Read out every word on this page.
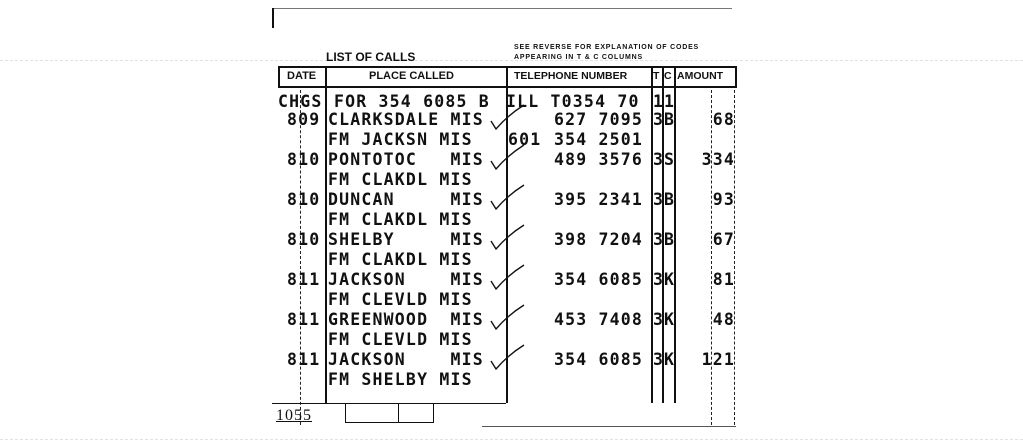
LIST OF CALLS
SEE REVERSE FOR EXPLANATION OF CODES
APPEARING IN T & C COLUMNS
DATE	PLACE CALLED	TELEPHONE NUMBER T C AMOUNT
CHGS FOR 354 6085 B ILL T0354 70 1 1
809 CLARKSDALE MIS	627 7095 3 B 68
FM JACKSN MIS 601 354 2501
810 PONTOTOC   MIS	489 3576 3 S 334
FM CLAKDL MIS
810 DUNCAN     MIS	395 2341 3 B 93
FM CLAKDL MIS
810 SHELBY     MIS	398 7204 3 B 67
FM CLAKDL MIS
811 JACKSON    MIS	354 6085 3 K 81
FM CLEVLD MIS
811 GREENWOOD  MIS	453 7408 3 K 48
FM CLEVLD MIS
811 JACKSON    MIS	354 6085 3 K 121
FM SHELBY MIS
1055
